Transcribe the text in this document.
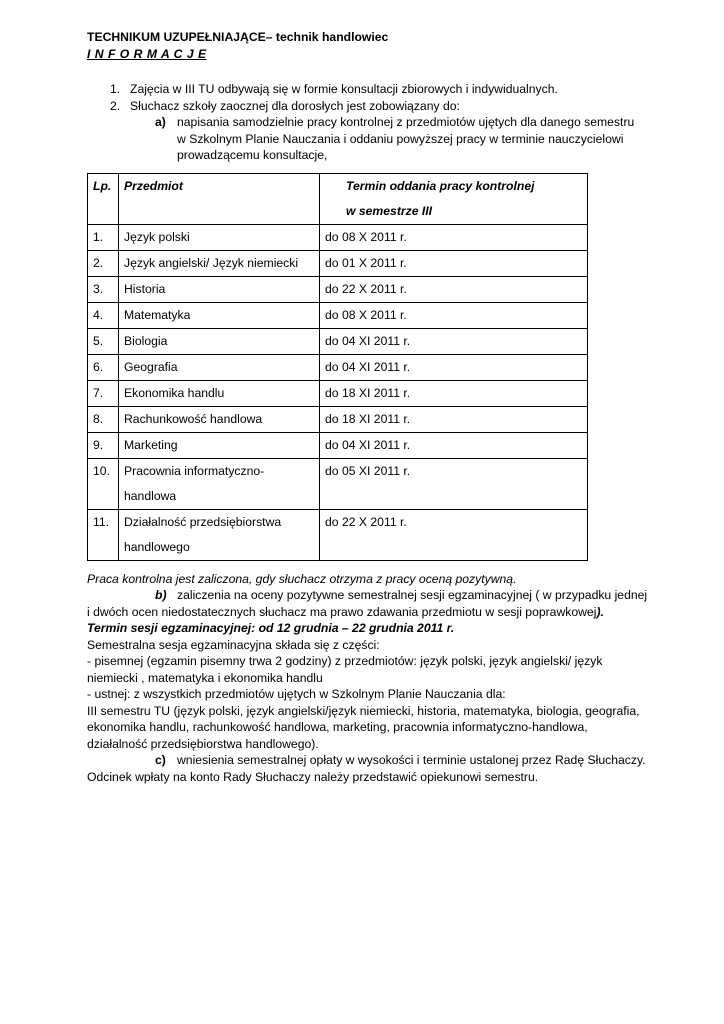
TECHNIKUM UZUPEŁNIAJĄCE– technik handlowiec
I N F O R M A C J E
1. Zajęcia w III TU odbywają się w formie konsultacji zbiorowych i indywidualnych.
2. Słuchacz szkoły zaocznej dla dorosłych jest zobowiązany do:
a) napisania samodzielnie pracy kontrolnej z przedmiotów ujętych dla danego semestru
w Szkolnym Planie Nauczania i oddaniu powyższej pracy w terminie nauczycielowi
prowadzącemu konsultacje,
Lp.	Przedmiot	Termin oddania pracy kontrolnej
w semestrze III

1.	Język polski	do 08 X 2011 r.
2.	Język angielski/ Język niemiecki	do 01 X 2011 r.
3.	Historia	do 22 X 2011 r.
4.	Matematyka	do 08 X 2011 r.
5.	Biologia	do 04 XI 2011 r.
6.	Geografia	do 04 XI 2011 r.
7.	Ekonomika handlu	do 18 XI 2011 r.
8.	Rachunkowość handlowa	do 18 XI 2011 r.
9.	Marketing	do 04 XI 2011 r.
10.	Pracownia informatyczno-
handlowa	do 05 XI 2011 r.
11.	Działalność przedsiębiorstwa
handlowego	do 22 X 2011 r.
Praca kontrolna jest zaliczona, gdy słuchacz otrzyma z pracy oceną pozytywną.
b) zaliczenia na oceny pozytywne semestralnej sesji egzaminacyjnej ( w przypadku jednej
i dwóch ocen niedostatecznych słuchacz ma prawo zdawania przedmiotu w sesji poprawkowej).
Termin sesji egzaminacyjnej: od 12 grudnia – 22 grudnia 2011 r.
Semestralna sesja egzaminacyjna składa się z części:
- pisemnej (egzamin pisemny trwa 2 godziny) z przedmiotów: język polski, język angielski/ język
niemiecki , matematyka i ekonomika handlu
- ustnej: z wszystkich przedmiotów ujętych w Szkolnym Planie Nauczania dla:
III semestru TU (język polski, język angielski/język niemiecki, historia, matematyka, biologia, geografia,
ekonomika handlu, rachunkowość handlowa, marketing, pracownia informatyczno-handlowa,
działalność przedsiębiorstwa handlowego).
c) wniesienia semestralnej opłaty w wysokości i terminie ustalonej przez Radę Słuchaczy.
Odcinek wpłaty na konto Rady Słuchaczy należy przedstawić opiekunowi semestru.
